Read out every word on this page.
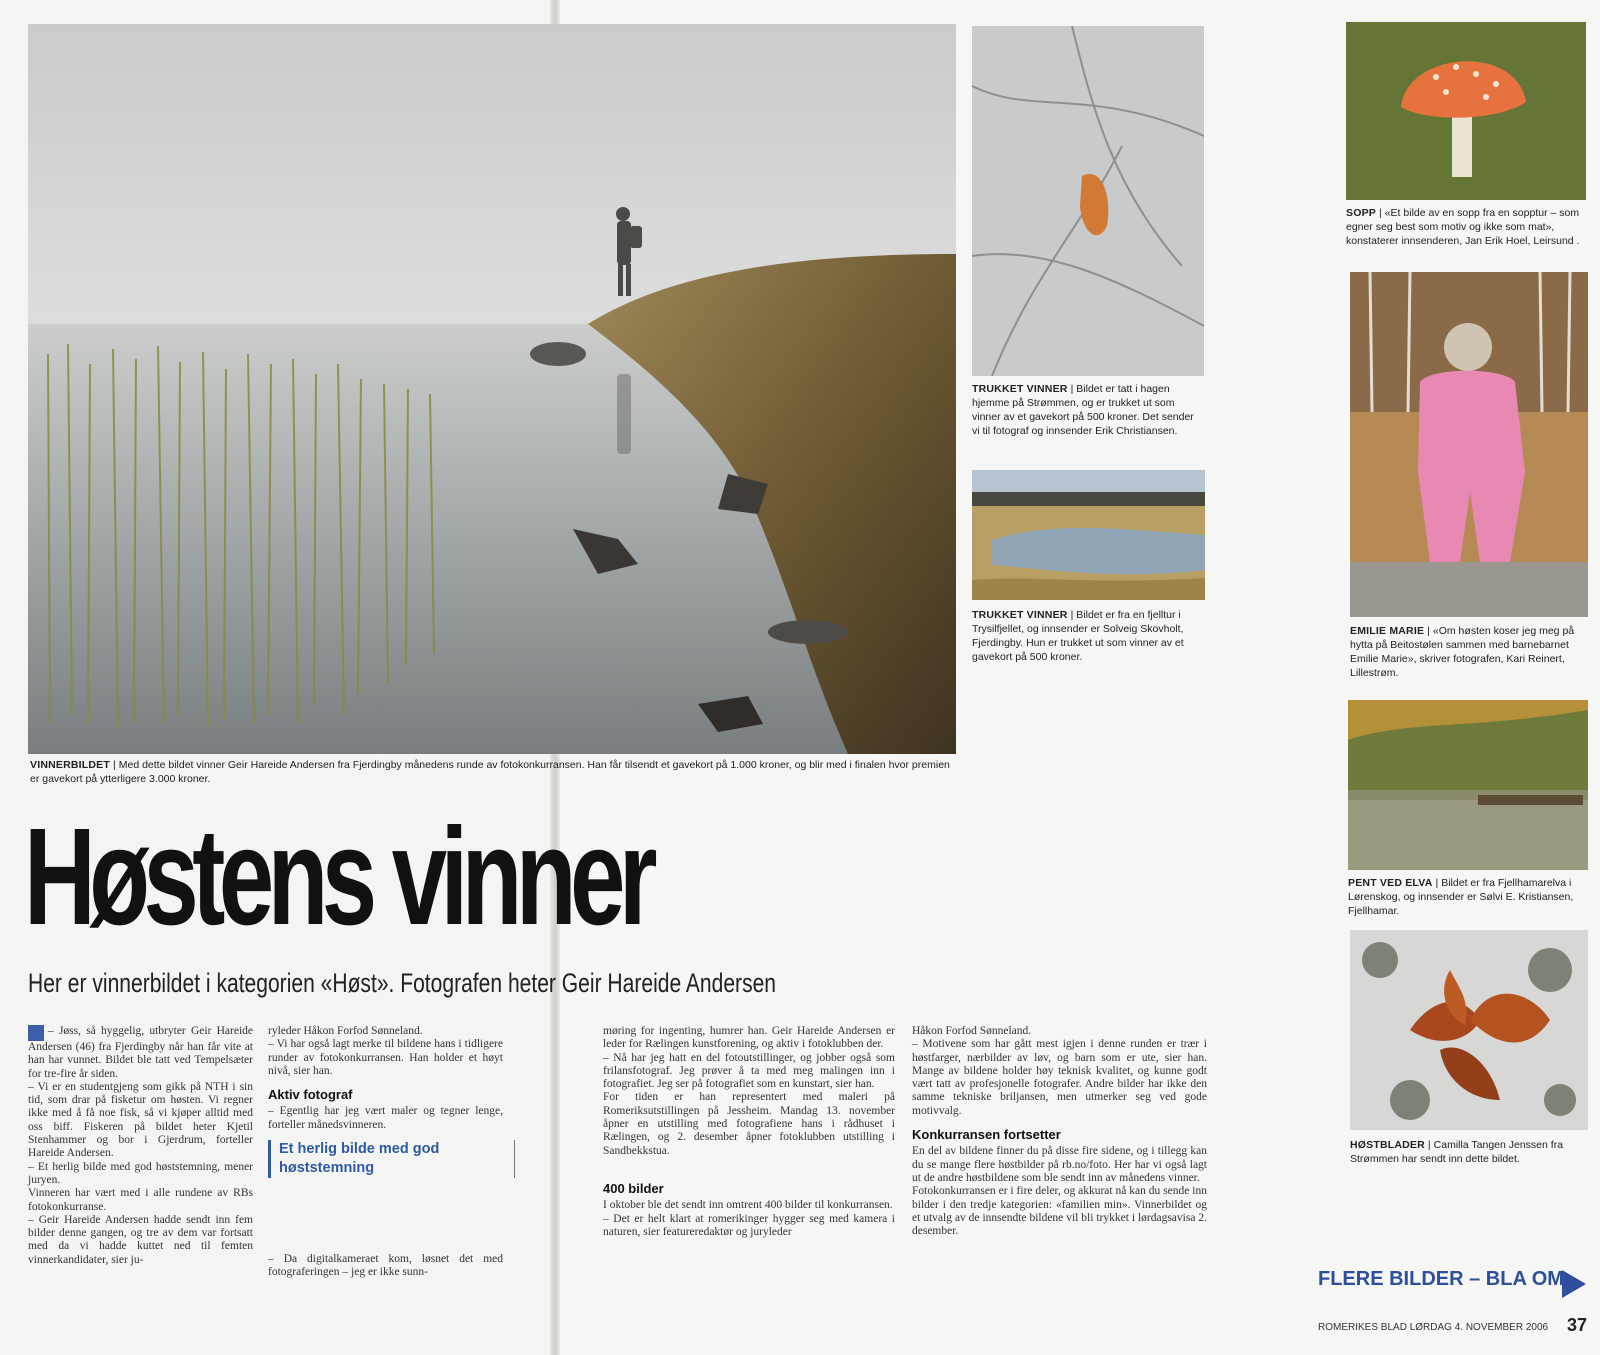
VINNERBILDET | Med dette bildet vinner Geir Hareide Andersen fra Fjerdingby månedens runde av fotokonkurransen. Han får tilsendt et gavekort på 1.000 kroner, og blir med i finalen hvor premien er gavekort på ytterligere 3.000 kroner.
Høstens vinner
Her er vinnerbildet i kategorien «Høst». Fotografen heter Geir Hareide Andersen

– Jøss, så hyggelig, utbryter Geir Hareide Andersen (46) fra Fjerdingby når han får vite at han har vunnet. Bildet ble tatt ved Tempelsæter for tre-fire år siden.

– Vi er en studentgjeng som gikk på NTH i sin tid, som drar på fisketur om høsten. Vi regner ikke med å få noe fisk, så vi kjøper alltid med oss biff. Fiskeren på bildet heter Kjetil Stenhammer og bor i Gjerdrum, forteller Hareide Andersen.

– Et herlig bilde med god høststemning, mener juryen.

Vinneren har vært med i alle rundene av RBs fotokonkurranse.

– Geir Hareide Andersen hadde sendt inn fem bilder denne gangen, og tre av dem var fortsatt med da vi hadde kuttet ned til femten vinnerkandidater, sier ju-

ryleder Håkon Forfod Sønneland.

– Vi har også lagt merke til bildene hans i tidligere runder av fotokonkurransen. Han holder et høyt nivå, sier han.

Aktiv fotograf

– Egentlig har jeg vært maler og tegner lenge, forteller månedsvinneren.

Et herlig bilde med god høststemning

– Da digitalkameraet kom, løsnet det med fotograferingen – jeg er ikke sunn-

møring for ingenting, humrer han. Geir Hareide Andersen er leder for Rælingen kunstforening, og aktiv i fotoklubben der.

– Nå har jeg hatt en del fotoutstillinger, og jobber også som frilansfotograf. Jeg prøver å ta med meg malingen inn i fotografiet. Jeg ser på fotografiet som en kunstart, sier han.

For tiden er han representert med maleri på Romeriksutstillingen på Jessheim. Mandag 13. november åpner en utstilling med fotografiene hans i rådhuset i Rælingen, og 2. desember åpner fotoklubben utstilling i Sandbekkstua.

400 bilder

I oktober ble det sendt inn omtrent 400 bilder til konkurransen.

– Det er helt klart at romerikinger hygger seg med kamera i naturen, sier featureredaktør og juryleder

Håkon Forfod Sønneland.

– Motivene som har gått mest igjen i denne runden er trær i høstfarger, nærbilder av løv, og barn som er ute, sier han. Mange av bildene holder høy teknisk kvalitet, og kunne godt vært tatt av profesjonelle fotografer. Andre bilder har ikke den samme tekniske briljansen, men utmerker seg ved gode motivvalg.

Konkurransen fortsetter

En del av bildene finner du på disse fire sidene, og i tillegg kan du se mange flere høstbilder på rb.no/foto. Her har vi også lagt ut de andre høstbildene som ble sendt inn av månedens vinner.

Fotokonkurransen er i fire deler, og akkurat nå kan du sende inn bilder i den tredje kategorien: «familien min». Vinnerbildet og et utvalg av de innsendte bildene vil bli trykket i lørdagsavisa 2. desember.

TRUKKET VINNER | Bildet er tatt i hagen hjemme på Strømmen, og er trukket ut som vinner av et gavekort på 500 kroner. Det sender vi til fotograf og innsender Erik Christiansen.
TRUKKET VINNER | Bildet er fra en fjelltur i Trysilfjellet, og innsender er Solveig Skovholt, Fjerdingby. Hun er trukket ut som vinner av et gavekort på 500 kroner.
SOPP | «Et bilde av en sopp fra en sopptur – som egner seg best som motiv og ikke som mat», konstaterer innsenderen, Jan Erik Hoel, Leirsund .
EMILIE MARIE | «Om høsten koser jeg meg på hytta på Beitostølen sammen med barnebarnet Emilie Marie», skriver fotografen, Kari Reinert, Lillestrøm.
PENT VED ELVA | Bildet er fra Fjellhamarelva i Lørenskog, og innsender er Sølvi E. Kristiansen, Fjellhamar.
HØSTBLADER | Camilla Tangen Jenssen fra Strømmen har sendt inn dette bildet.
FLERE BILDER – BLA OM
ROMERIKES BLAD LØRDAG 4. NOVEMBER 2006 37
